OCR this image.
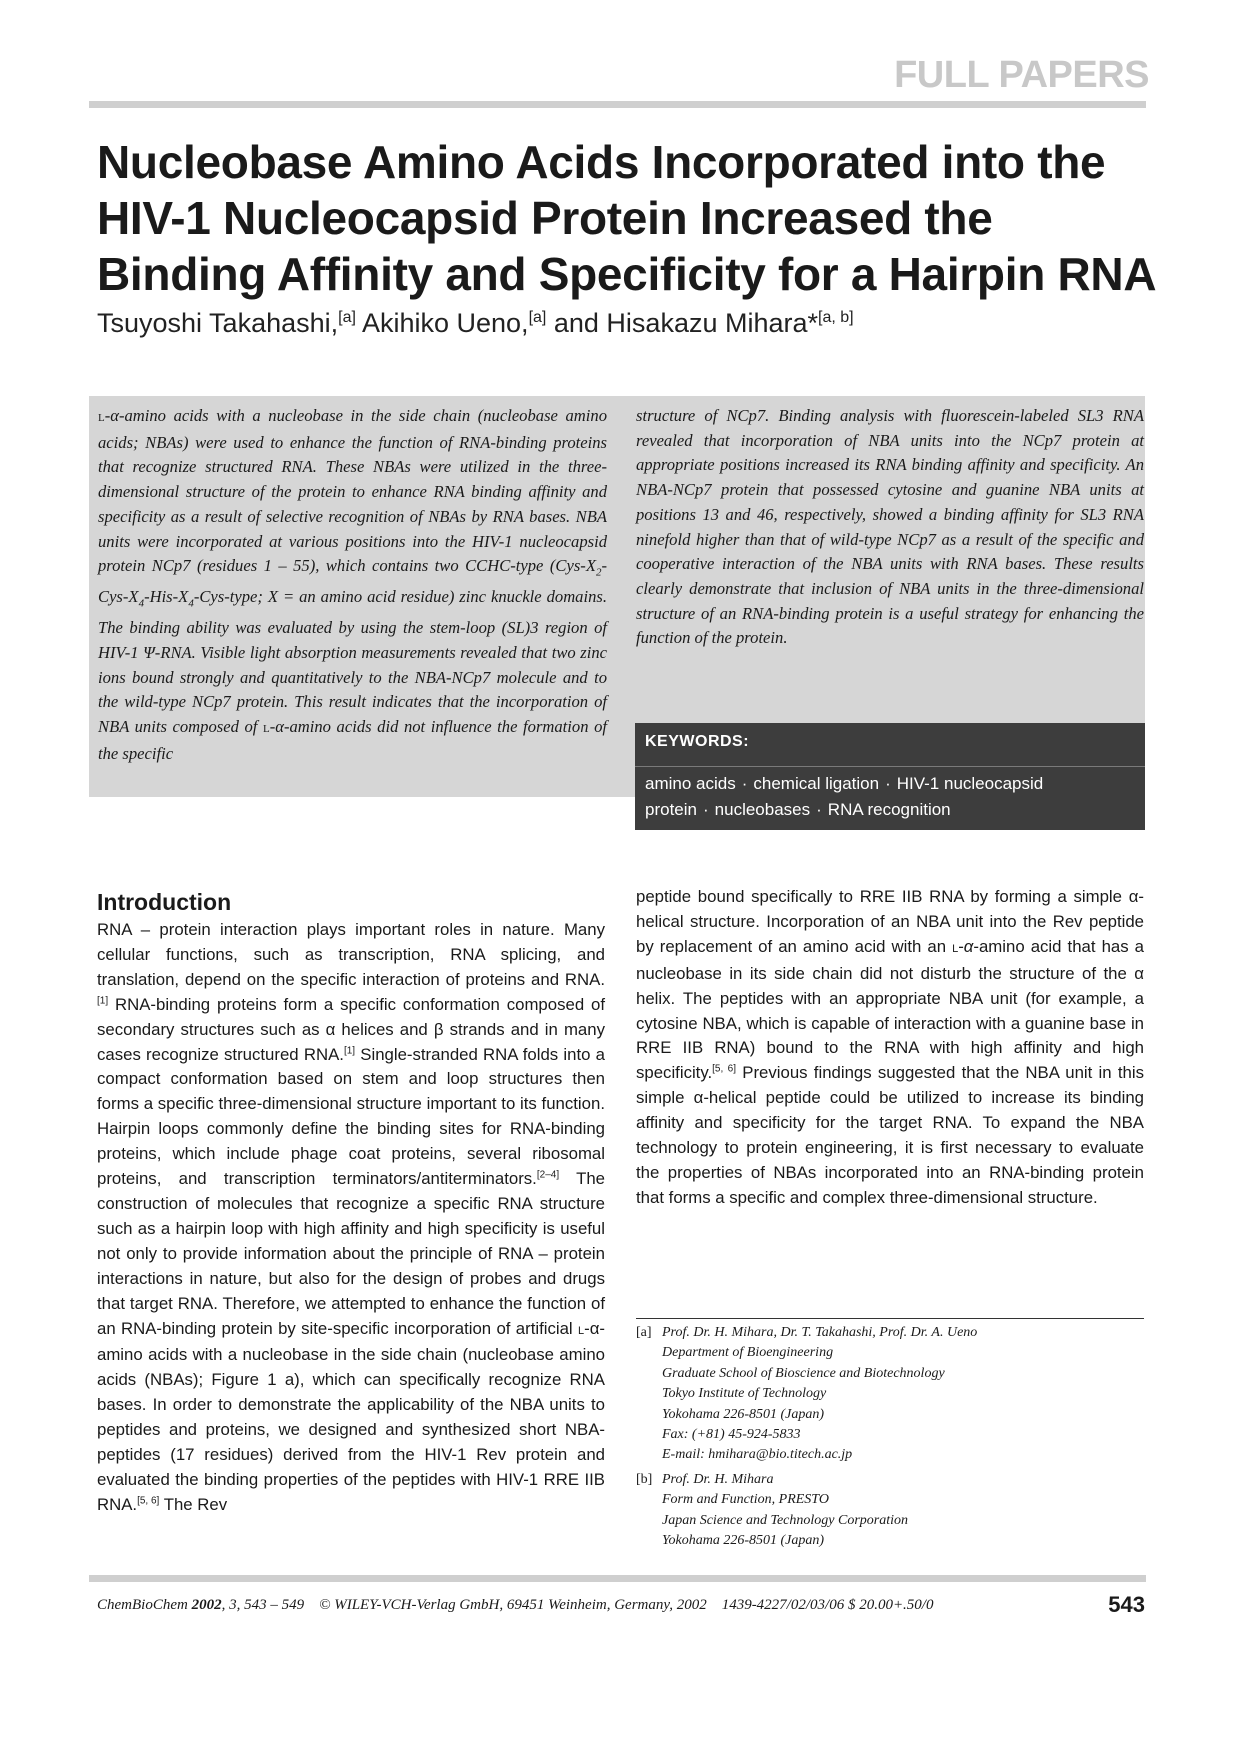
FULL PAPERS
Nucleobase Amino Acids Incorporated into the HIV-1 Nucleocapsid Protein Increased the Binding Affinity and Specificity for a Hairpin RNA
Tsuyoshi Takahashi,[a] Akihiko Ueno,[a] and Hisakazu Mihara*[a, b]

L-α-amino acids with a nucleobase in the side chain (nucleobase amino acids; NBAs) were used to enhance the function of RNA-binding proteins that recognize structured RNA. These NBAs were utilized in the three-dimensional structure of the protein to enhance RNA binding affinity and specificity as a result of selective recognition of NBAs by RNA bases. NBA units were incorporated at various positions into the HIV-1 nucleocapsid protein NCp7 (residues 1 – 55), which contains two CCHC-type ($Cys-X_2-Cys-X_4-His-X_4-Cys$-type; X = an amino acid residue) zinc knuckle domains. The binding ability was evaluated by using the stem-loop (SL)3 region of HIV-1 Ψ-RNA. Visible light absorption measurements revealed that two zinc ions bound strongly and quantitatively to the NBA-NCp7 molecule and to the wild-type NCp7 protein. This result indicates that the incorporation of NBA units composed of L-α-amino acids did not influence the formation of the specific

structure of NCp7. Binding analysis with fluorescein-labeled SL3 RNA revealed that incorporation of NBA units into the NCp7 protein at appropriate positions increased its RNA binding affinity and specificity. An NBA-NCp7 protein that possessed cytosine and guanine NBA units at positions 13 and 46, respectively, showed a binding affinity for SL3 RNA ninefold higher than that of wild-type NCp7 as a result of the specific and cooperative interaction of the NBA units with RNA bases. These results clearly demonstrate that inclusion of NBA units in the three-dimensional structure of an RNA-binding protein is a useful strategy for enhancing the function of the protein.

KEYWORDS:
amino acids · chemical ligation · HIV-1 nucleocapsid protein · nucleobases · RNA recognition
Introduction

RNA – protein interaction plays important roles in nature. Many cellular functions, such as transcription, RNA splicing, and translation, depend on the specific interaction of proteins and RNA.[1] RNA-binding proteins form a specific conformation composed of secondary structures such as α helices and β strands and in many cases recognize structured RNA.[1] Single-stranded RNA folds into a compact conformation based on stem and loop structures then forms a specific three-dimensional structure important to its function. Hairpin loops commonly define the binding sites for RNA-binding proteins, which include phage coat proteins, several ribosomal proteins, and transcription terminators/antiterminators.[2–4] The construction of molecules that recognize a specific RNA structure such as a hairpin loop with high affinity and high specificity is useful not only to provide information about the principle of RNA – protein interactions in nature, but also for the design of probes and drugs that target RNA. Therefore, we attempted to enhance the function of an RNA-binding protein by site-specific incorporation of artificial L-α-amino acids with a nucleobase in the side chain (nucleobase amino acids (NBAs); Figure 1 a), which can specifically recognize RNA bases. In order to demonstrate the applicability of the NBA units to peptides and proteins, we designed and synthesized short NBA-peptides (17 residues) derived from the HIV-1 Rev protein and evaluated the binding properties of the peptides with HIV-1 RRE IIB RNA.[5, 6] The Rev

peptide bound specifically to RRE IIB RNA by forming a simple α-helical structure. Incorporation of an NBA unit into the Rev peptide by replacement of an amino acid with an L-α-amino acid that has a nucleobase in its side chain did not disturb the structure of the α helix. The peptides with an appropriate NBA unit (for example, a cytosine NBA, which is capable of interaction with a guanine base in RRE IIB RNA) bound to the RNA with high affinity and high specificity.[5, 6] Previous findings suggested that the NBA unit in this simple α-helical peptide could be utilized to increase its binding affinity and specificity for the target RNA. To expand the NBA technology to protein engineering, it is first necessary to evaluate the properties of NBAs incorporated into an RNA-binding protein that forms a specific and complex three-dimensional structure.

[a] Prof. Dr. H. Mihara, Dr. T. Takahashi, Prof. Dr. A. Ueno
Department of Bioengineering
Graduate School of Bioscience and Biotechnology
Tokyo Institute of Technology
Yokohama 226-8501 (Japan)
Fax: (+81) 45-924-5833
E-mail: hmihara@bio.titech.ac.jp
[b] Prof. Dr. H. Mihara
Form and Function, PRESTO
Japan Science and Technology Corporation
Yokohama 226-8501 (Japan)
ChemBioChem 2002, 3, 543 – 549    © WILEY-VCH-Verlag GmbH, 69451 Weinheim, Germany, 2002    1439-4227/02/03/06 $ 20.00+.50/0	543
